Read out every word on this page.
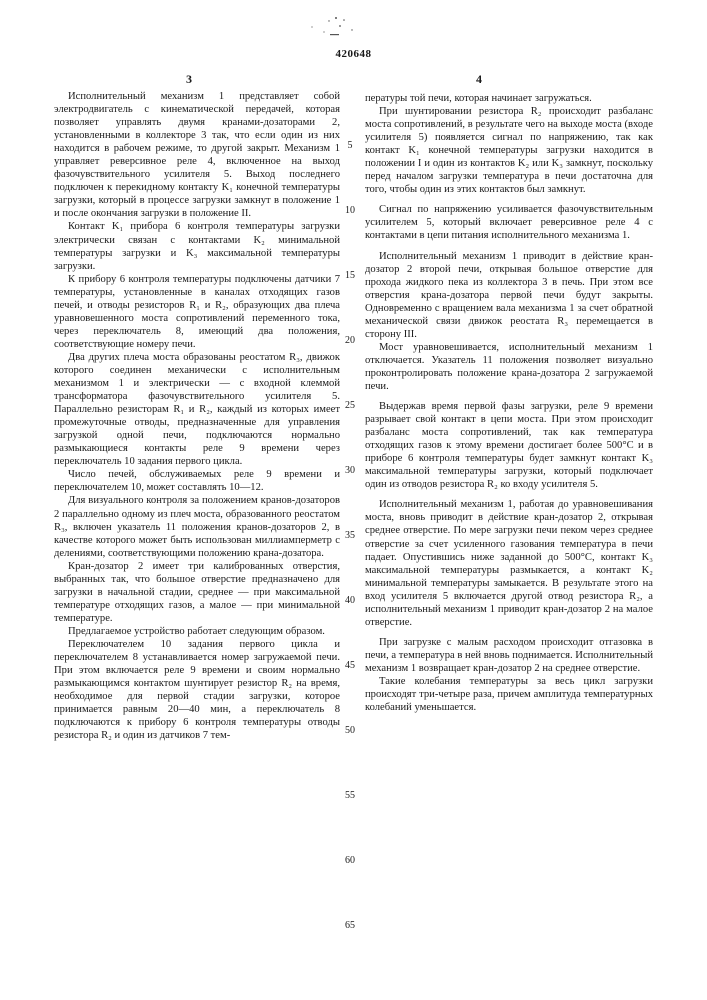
420648
3	4

Исполнительный механизм 1 представляет собой электродвигатель с кинематической передачей, которая позволяет управлять двумя кранами-дозаторами 2, установленными в коллекторе 3 так, что если один из них находится в рабочем режиме, то другой закрыт. Механизм 1 управляет реверсивное реле 4, включенное на выход фазочувствительного усилителя 5. Выход последнего подключен к перекидному контакту K₁ конечной температуры загрузки, который в процессе загрузки замкнут в положение 1 и после окончания загрузки в положение II.

Контакт K₁ прибора 6 контроля температуры загрузки электрически связан с контактами K₂ минимальной температуры загрузки и K₃ максимальной температуры загрузки.

К прибору 6 контроля температуры подключены датчики 7 температуры, установленные в каналах отходящих газов печей, и отводы резисторов R₁ и R₂, образующих два плеча уравновешенного моста сопротивлений переменного тока, через переключатель 8, имеющий два положения, соответствующие номеру печи.

Два других плеча моста образованы реостатом R₃, движок которого соединен механически с исполнительным механизмом 1 и электрически — с входной клеммой трансформатора фазочувствительного усилителя 5. Параллельно резисторам R₁ и R₂, каждый из которых имеет промежуточные отводы, предназначенные для управления загрузкой одной печи, подключаются нормально размыкающиеся контакты реле 9 времени через переключатель 10 задания первого цикла.

Число печей, обслуживаемых реле 9 времени и переключателем 10, может составлять 10—12.

Для визуального контроля за положением кранов-дозаторов 2 параллельно одному из плеч моста, образованного реостатом R₃, включен указатель 11 положения кранов-дозаторов 2, в качестве которого может быть использован миллиамперметр с делениями, соответствующими положению крана-дозатора.

Кран-дозатор 2 имеет три калиброванных отверстия, выбранных так, что большое отверстие предназначено для загрузки в начальной стадии, среднее — при максимальной температуре отходящих газов, а малое — при минимальной температуре.

Предлагаемое устройство работает следующим образом.

Переключателем 10 задания первого цикла и переключателем 8 устанавливается номер загружаемой печи. При этом включается реле 9 времени и своим нормально размыкающимся контактом шунтирует резистор R₂ на время, необходимое для первой стадии загрузки, которое принимается равным 20—40 мин, а переключатель 8 подключаются к прибору 6 контроля температуры отводы резистора R₂ и один из датчиков 7 тем-

5
10
15
20
25
30
35
40
45
50
55
60
65

пературы той печи, которая начинает загружаться.

При шунтировании резистора R₂ происходит разбаланс моста сопротивлений, в результате чего на выходе моста (входе усилителя 5) появляется сигнал по напряжению, так как контакт K₁ конечной температуры загрузки находится в положении I и один из контактов K₂ или K₃ замкнут, поскольку перед началом загрузки температура в печи достаточна для того, чтобы один из этих контактов был замкнут.

Сигнал по напряжению усиливается фазочувствительным усилителем 5, который включает реверсивное реле 4 с контактами в цепи питания исполнительного механизма 1.

Исполнительный механизм 1 приводит в действие кран-дозатор 2 второй печи, открывая большое отверстие для прохода жидкого пека из коллектора 3 в печь. При этом все отверстия крана-дозатора первой печи будут закрыты. Одновременно с вращением вала механизма 1 за счет обратной механической связи движок реостата R₃ перемещается в сторону III.

Мост уравновешивается, исполнительный механизм 1 отключается. Указатель 11 положения позволяет визуально проконтролировать положение крана-дозатора 2 загружаемой печи.

Выдержав время первой фазы загрузки, реле 9 времени разрывает свой контакт в цепи моста. При этом происходит разбаланс моста сопротивлений, так как температура отходящих газов к этому времени достигает более 500°C и в приборе 6 контроля температуры будет замкнут контакт K₃ максимальной температуры загрузки, который подключает один из отводов резистора R₂ ко входу усилителя 5.

Исполнительный механизм 1, работая до уравновешивания моста, вновь приводит в действие кран-дозатор 2, открывая среднее отверстие. По мере загрузки печи пеком через среднее отверстие за счет усиленного газования температура в печи падает. Опустившись ниже заданной до 500°C, контакт K₃ максимальной температуры размыкается, а контакт K₂ минимальной температуры замыкается. В результате этого на вход усилителя 5 включается другой отвод резистора R₂, а исполнительный механизм 1 приводит кран-дозатор 2 на малое отверстие.

При загрузке с малым расходом происходит отгазовка в печи, а температура в ней вновь поднимается. Исполнительный механизм 1 возвращает кран-дозатор 2 на среднее отверстие.

Такие колебания температуры за весь цикл загрузки происходят три-четыре раза, причем амплитуда температурных колебаний уменьшается.
